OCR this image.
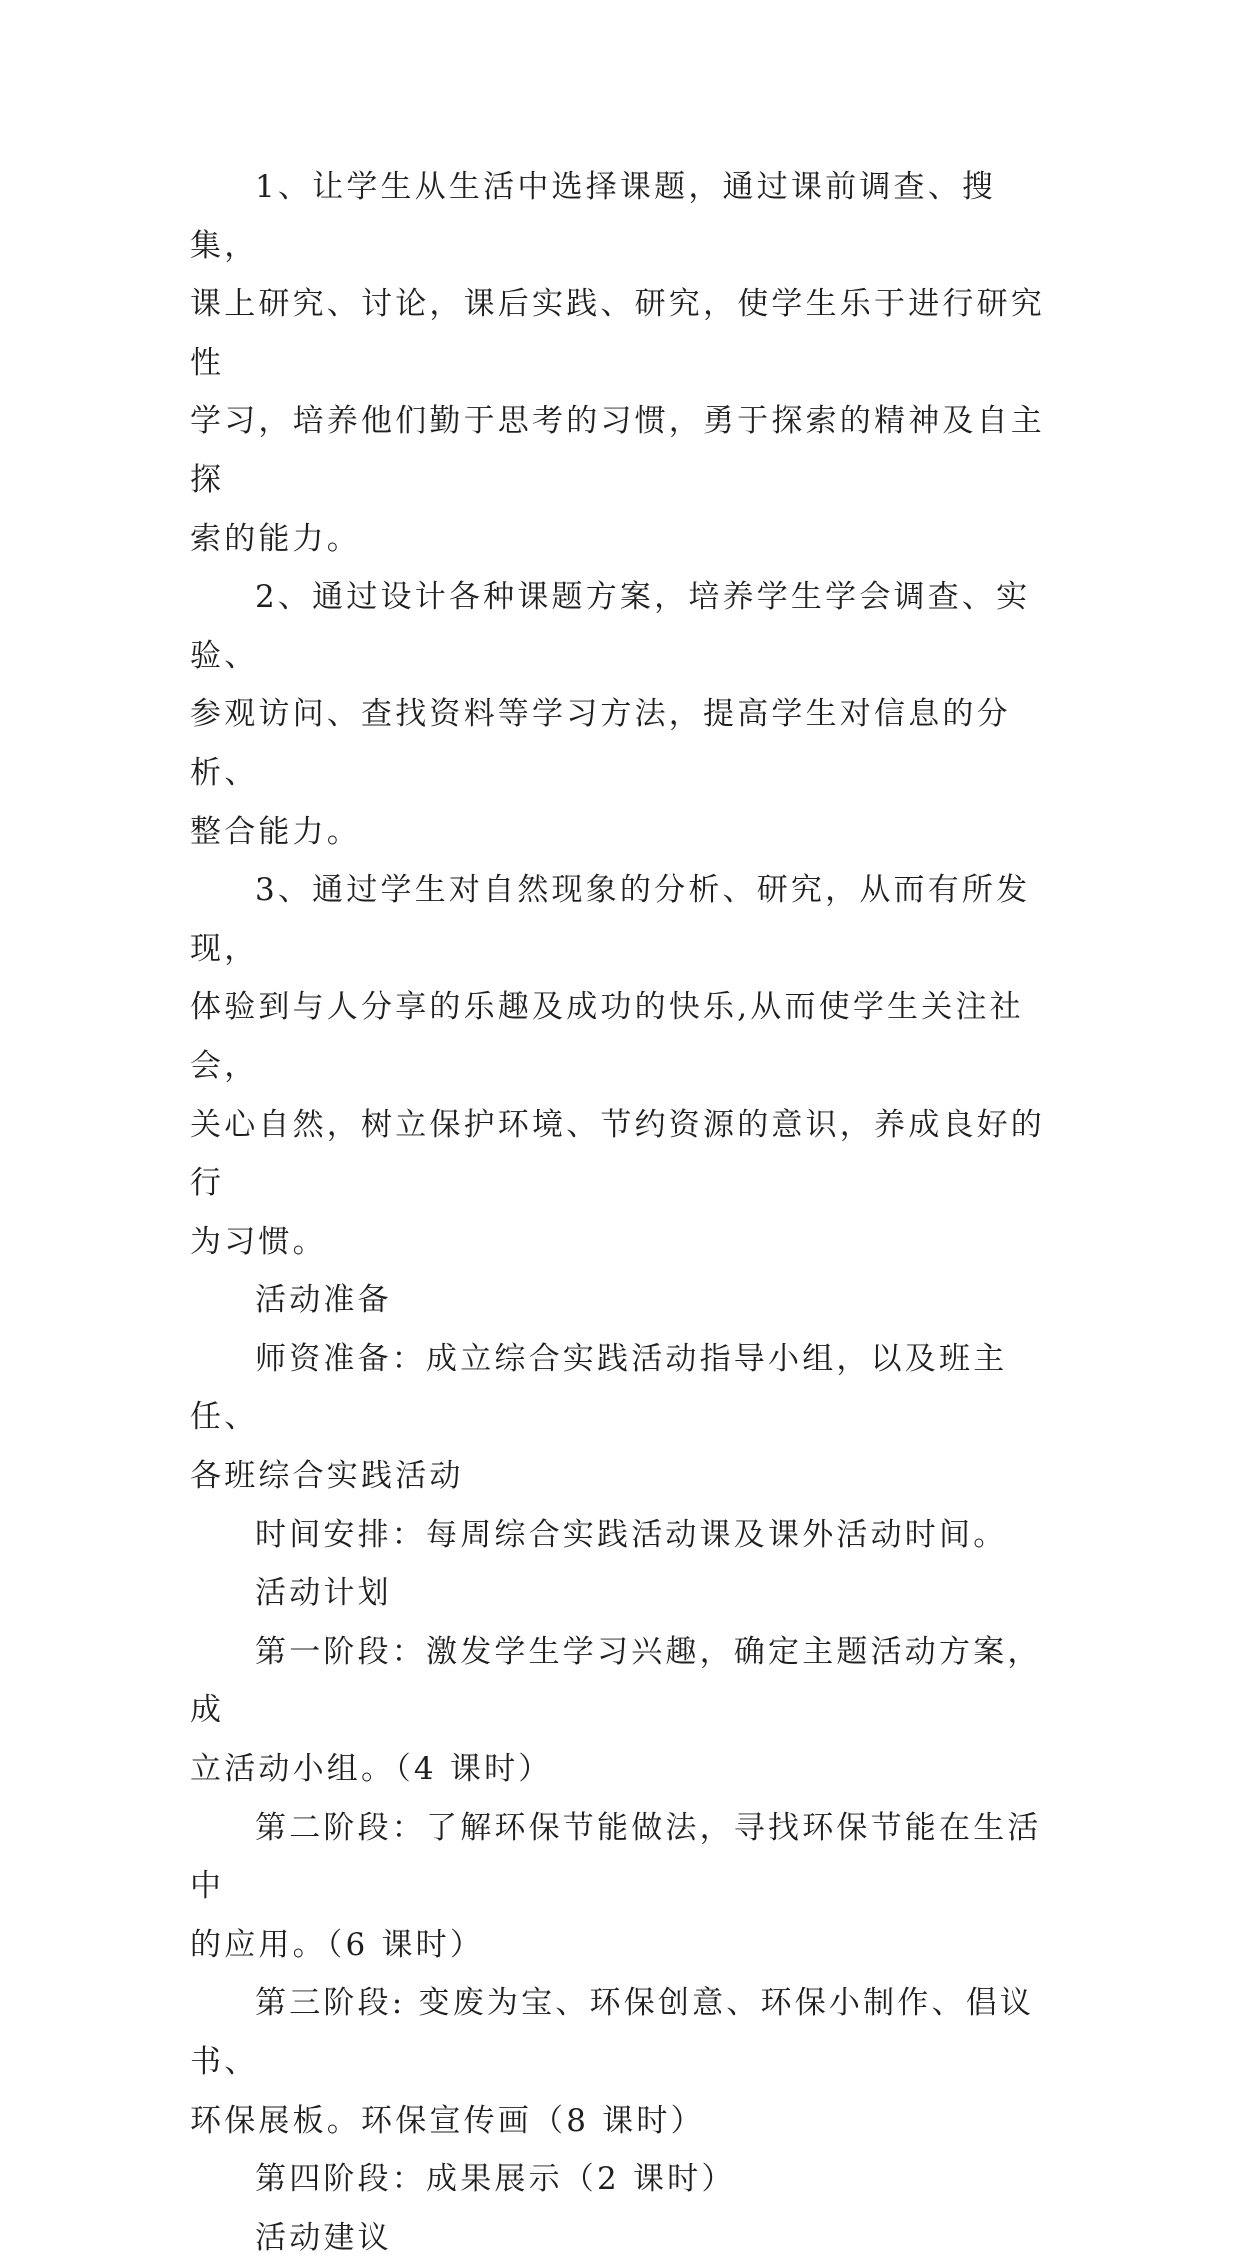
1、让学生从生活中选择课题，通过课前调查、搜集，
课上研究、讨论，课后实践、研究，使学生乐于进行研究性
学习，培养他们勤于思考的习惯，勇于探索的精神及自主探
索的能力。

2、通过设计各种课题方案，培养学生学会调查、实验、
参观访问、查找资料等学习方法，提高学生对信息的分析、
整合能力。

3、通过学生对自然现象的分析、研究，从而有所发现，
体验到与人分享的乐趣及成功的快乐,从而使学生关注社会，
关心自然，树立保护环境、节约资源的意识，养成良好的行
为习惯。

活动准备

师资准备：成立综合实践活动指导小组，以及班主任、
各班综合实践活动

时间安排：每周综合实践活动课及课外活动时间。

活动计划

第一阶段：激发学生学习兴趣，确定主题活动方案，成
立活动小组。（4 课时）

第二阶段：了解环保节能做法，寻找环保节能在生活中
的应用。（6 课时）

第三阶段: 变废为宝、环保创意、环保小制作、倡议书、
环保展板。环保宣传画（8 课时）

第四阶段：成果展示（2 课时）

活动建议
